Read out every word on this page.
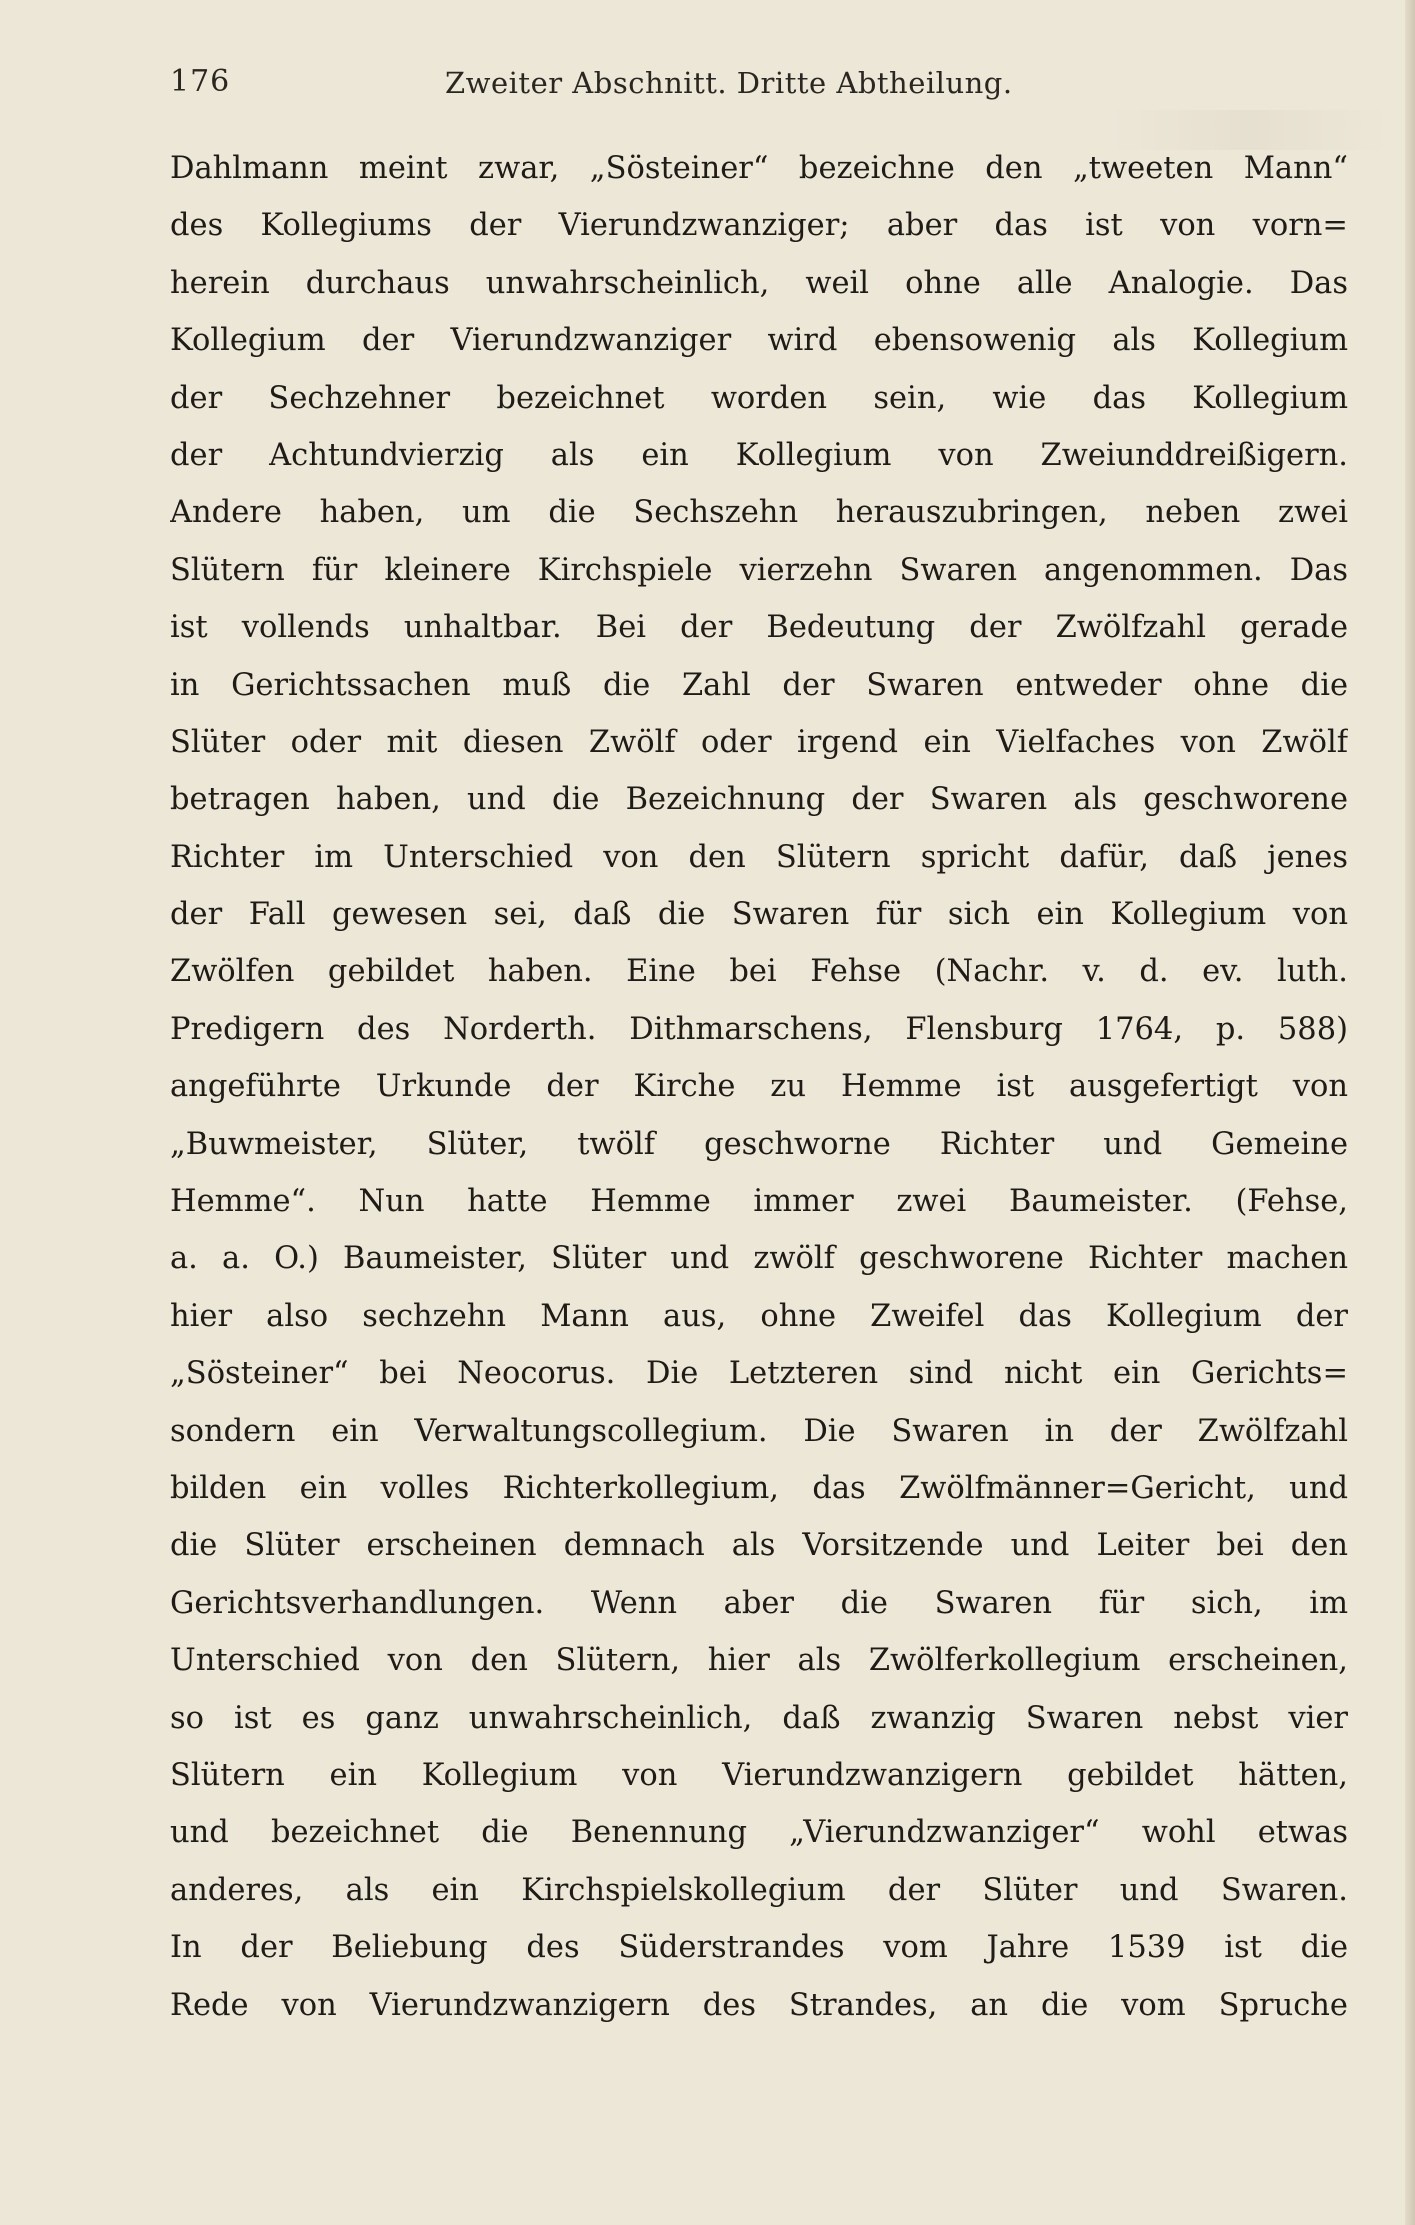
176	Zweiter Abschnitt. Dritte Abtheilung.
Dahlmann meint zwar, „Sösteiner“ bezeichne den „tweeten Mann“
des Kollegiums der Vierundzwanziger; aber das ist von vorn=
herein durchaus unwahrscheinlich, weil ohne alle Analogie. Das
Kollegium der Vierundzwanziger wird ebensowenig als Kollegium
der Sechzehner bezeichnet worden sein, wie das Kollegium
der Achtundvierzig als ein Kollegium von Zweiunddreißigern.
Andere haben, um die Sechszehn herauszubringen, neben zwei
Slütern für kleinere Kirchspiele vierzehn Swaren angenommen. Das
ist vollends unhaltbar. Bei der Bedeutung der Zwölfzahl gerade
in Gerichtssachen muß die Zahl der Swaren entweder ohne die
Slüter oder mit diesen Zwölf oder irgend ein Vielfaches von Zwölf
betragen haben, und die Bezeichnung der Swaren als geschworene
Richter im Unterschied von den Slütern spricht dafür, daß jenes
der Fall gewesen sei, daß die Swaren für sich ein Kollegium von
Zwölfen gebildet haben. Eine bei Fehse (Nachr. v. d. ev. luth.
Predigern des Norderth. Dithmarschens, Flensburg 1764, p. 588)
angeführte Urkunde der Kirche zu Hemme ist ausgefertigt von
„Buwmeister, Slüter, twölf geschworne Richter und Gemeine
Hemme“. Nun hatte Hemme immer zwei Baumeister. (Fehse,
a. a. O.) Baumeister, Slüter und zwölf geschworene Richter machen
hier also sechzehn Mann aus, ohne Zweifel das Kollegium der
„Sösteiner“ bei Neocorus. Die Letzteren sind nicht ein Gerichts=
sondern ein Verwaltungscollegium. Die Swaren in der Zwölfzahl
bilden ein volles Richterkollegium, das Zwölfmänner=Gericht, und
die Slüter erscheinen demnach als Vorsitzende und Leiter bei den
Gerichtsverhandlungen. Wenn aber die Swaren für sich, im
Unterschied von den Slütern, hier als Zwölferkollegium erscheinen,
so ist es ganz unwahrscheinlich, daß zwanzig Swaren nebst vier
Slütern ein Kollegium von Vierundzwanzigern gebildet hätten,
und bezeichnet die Benennung „Vierundzwanziger“ wohl etwas
anderes, als ein Kirchspielskollegium der Slüter und Swaren.
In der Beliebung des Süderstrandes vom Jahre 1539 ist die
Rede von Vierundzwanzigern des Strandes, an die vom Spruche
